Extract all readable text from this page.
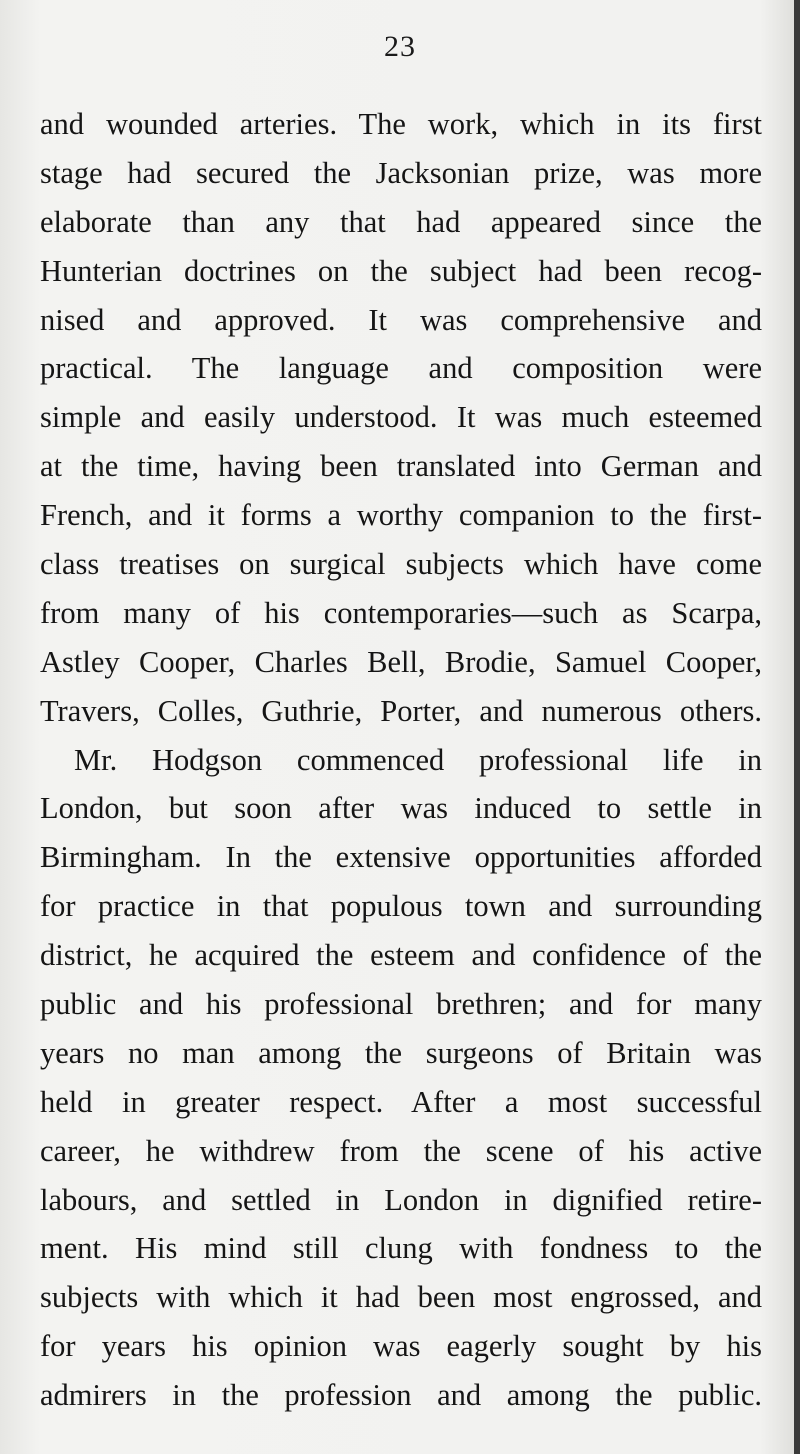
23
and wounded arteries. The work, which in its first
stage had secured the Jacksonian prize, was more
elaborate than any that had appeared since the
Hunterian doctrines on the subject had been recog-
nised and approved. It was comprehensive and
practical. The language and composition were
simple and easily understood. It was much esteemed
at the time, having been translated into German and
French, and it forms a worthy companion to the first-
class treatises on surgical subjects which have come
from many of his contemporaries—such as Scarpa,
Astley Cooper, Charles Bell, Brodie, Samuel Cooper,
Travers, Colles, Guthrie, Porter, and numerous others.
Mr. Hodgson commenced professional life in
London, but soon after was induced to settle in
Birmingham. In the extensive opportunities afforded
for practice in that populous town and surrounding
district, he acquired the esteem and confidence of the
public and his professional brethren; and for many
years no man among the surgeons of Britain was
held in greater respect. After a most successful
career, he withdrew from the scene of his active
labours, and settled in London in dignified retire-
ment. His mind still clung with fondness to the
subjects with which it had been most engrossed, and
for years his opinion was eagerly sought by his
admirers in the profession and among the public.
